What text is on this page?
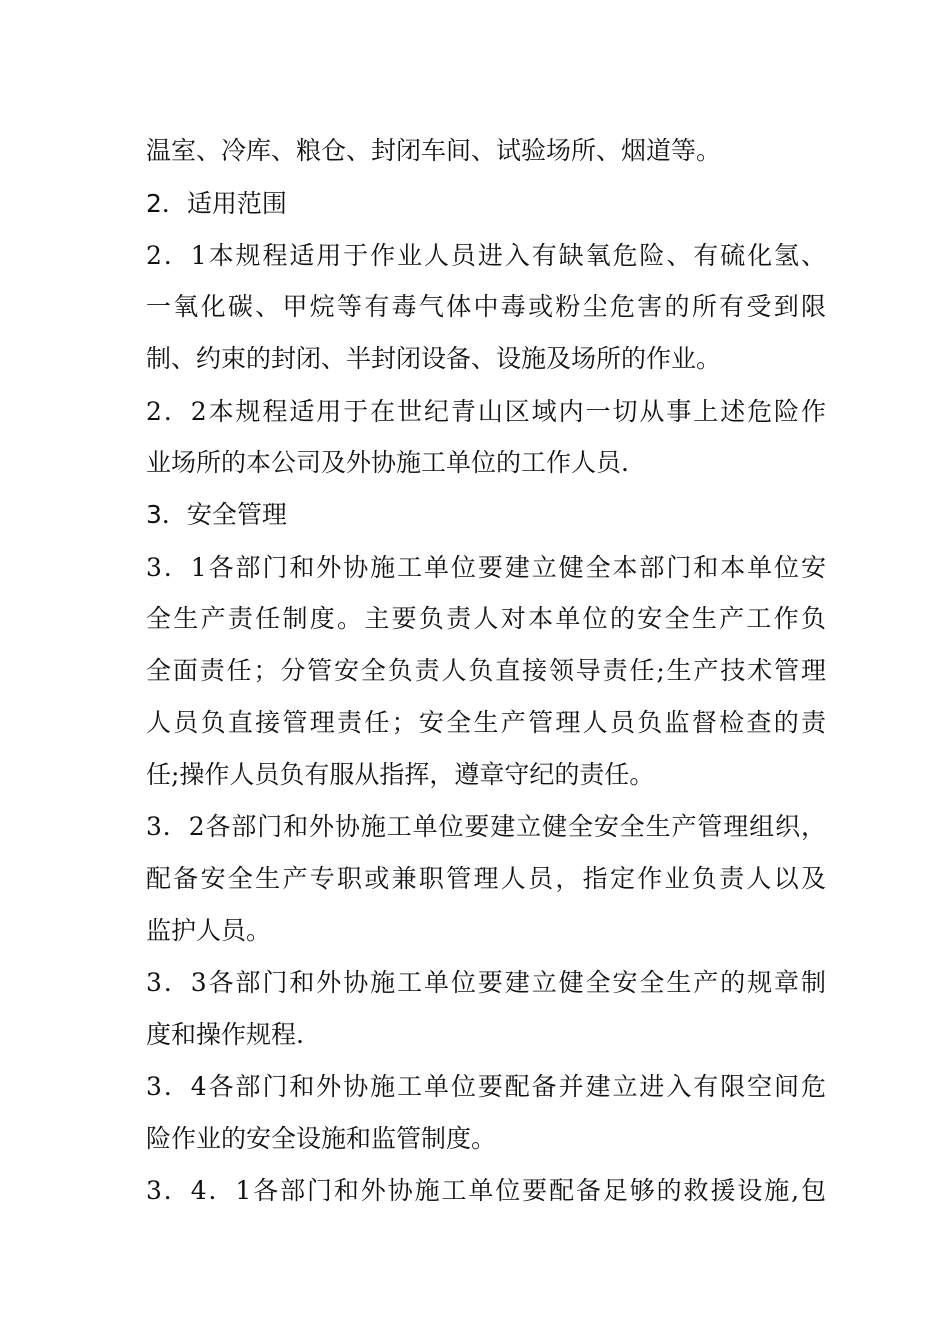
温室、冷库、粮仓、封闭车间、试验场所、烟道等。
2．适用范围
2．1本规程适用于作业人员进入有缺氧危险、有硫化氢、
一氧化碳、甲烷等有毒气体中毒或粉尘危害的所有受到限
制、约束的封闭、半封闭设备、设施及场所的作业。
2．2本规程适用于在世纪青山区域内一切从事上述危险作
业场所的本公司及外协施工单位的工作人员.
3．安全管理
3．1各部门和外协施工单位要建立健全本部门和本单位安
全生产责任制度。主要负责人对本单位的安全生产工作负
全面责任；分管安全负责人负直接领导责任;生产技术管理
人员负直接管理责任；安全生产管理人员负监督检查的责
任;操作人员负有服从指挥，遵章守纪的责任。
3．2各部门和外协施工单位要建立健全安全生产管理组织，
配备安全生产专职或兼职管理人员，指定作业负责人以及
监护人员。
3．3各部门和外协施工单位要建立健全安全生产的规章制
度和操作规程.
3．4各部门和外协施工单位要配备并建立进入有限空间危
险作业的安全设施和监管制度。
3．4．1各部门和外协施工单位要配备足够的救援设施,包
